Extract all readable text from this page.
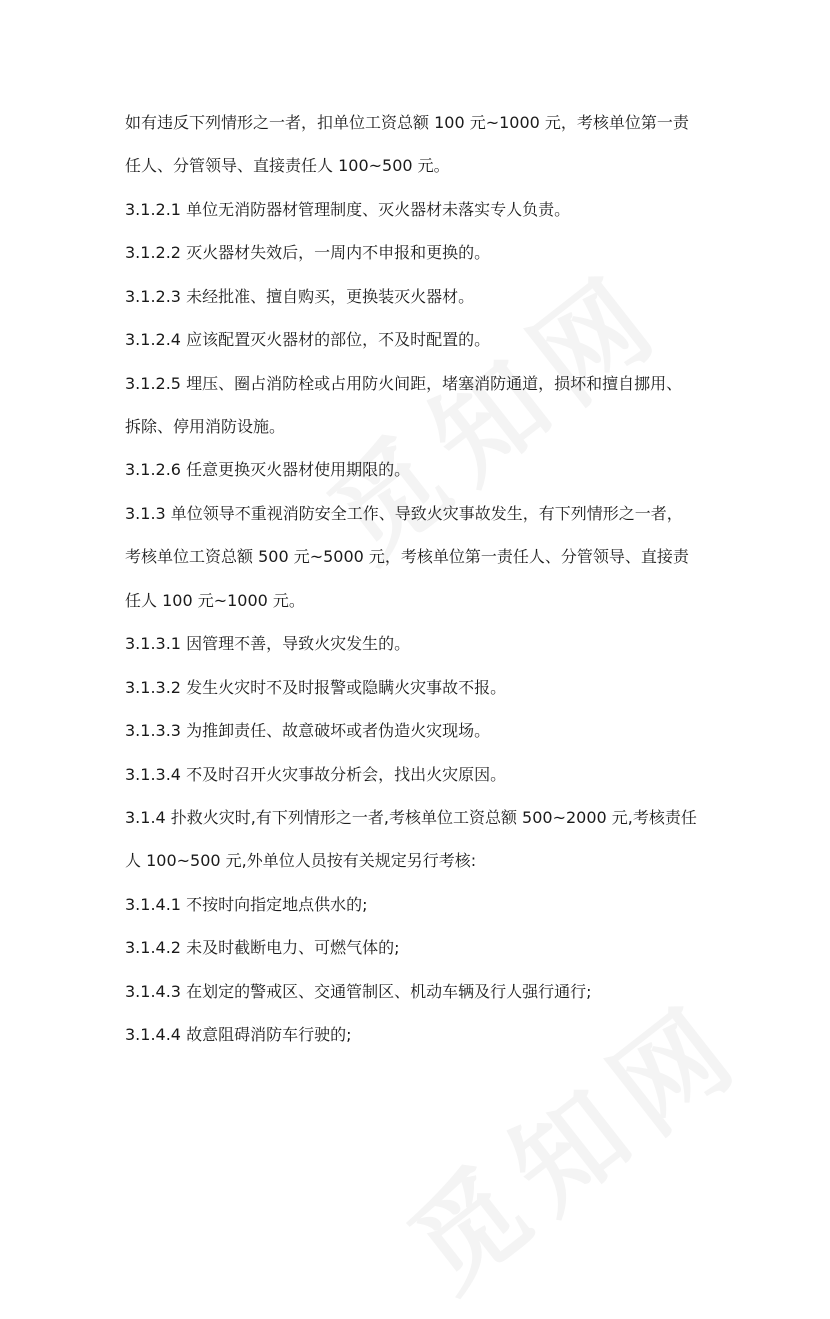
如有违反下列情形之一者，扣单位工资总额 100 元~1000 元，考核单位第一责

任人、分管领导、直接责任人 100~500 元。

3.1.2.1 单位无消防器材管理制度、灭火器材未落实专人负责。

3.1.2.2 灭火器材失效后，一周内不申报和更换的。

3.1.2.3 未经批准、擅自购买，更换装灭火器材。

3.1.2.4 应该配置灭火器材的部位，不及时配置的。

3.1.2.5 埋压、圈占消防栓或占用防火间距，堵塞消防通道，损坏和擅自挪用、

拆除、停用消防设施。

3.1.2.6 任意更换灭火器材使用期限的。

3.1.3 单位领导不重视消防安全工作、导致火灾事故发生，有下列情形之一者，

考核单位工资总额 500 元~5000 元，考核单位第一责任人、分管领导、直接责

任人 100 元~1000 元。

3.1.3.1 因管理不善，导致火灾发生的。

3.1.3.2 发生火灾时不及时报警或隐瞒火灾事故不报。

3.1.3.3 为推卸责任、故意破坏或者伪造火灾现场。

3.1.3.4 不及时召开火灾事故分析会，找出火灾原因。

3.1.4 扑救火灾时,有下列情形之一者,考核单位工资总额 500~2000 元,考核责任

人 100~500 元,外单位人员按有关规定另行考核:

3.1.4.1 不按时向指定地点供水的;

3.1.4.2 未及时截断电力、可燃气体的;

3.1.4.3 在划定的警戒区、交通管制区、机动车辆及行人强行通行;

3.1.4.4 故意阻碍消防车行驶的;
